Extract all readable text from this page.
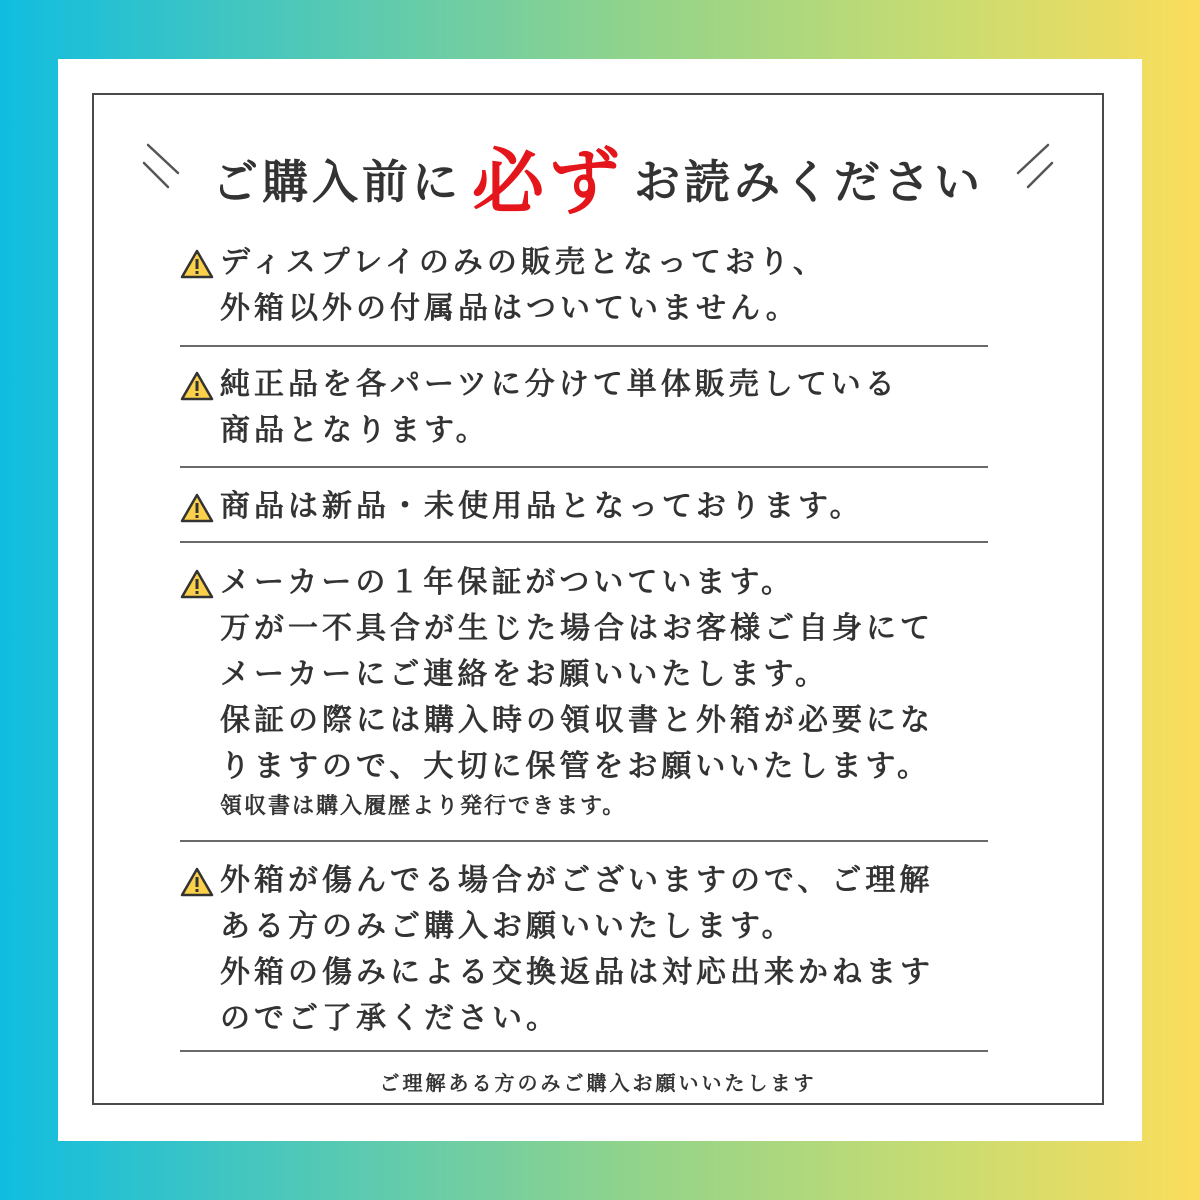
ご購入前に 必ず お読みください
ディスプレイのみの販売となっており、
外箱以外の付属品はついていません。
純正品を各パーツに分けて単体販売している
商品となります。
商品は新品・未使用品となっております。
メーカーの１年保証がついています。
万が一不具合が生じた場合はお客様ご自身にて
メーカーにご連絡をお願いいたします。
保証の際には購入時の領収書と外箱が必要にな
りますので、大切に保管をお願いいたします。
領収書は購入履歴より発行できます。
外箱が傷んでる場合がございますので、ご理解
ある方のみご購入お願いいたします。
外箱の傷みによる交換返品は対応出来かねます
のでご了承ください。
ご理解ある方のみご購入お願いいたします
